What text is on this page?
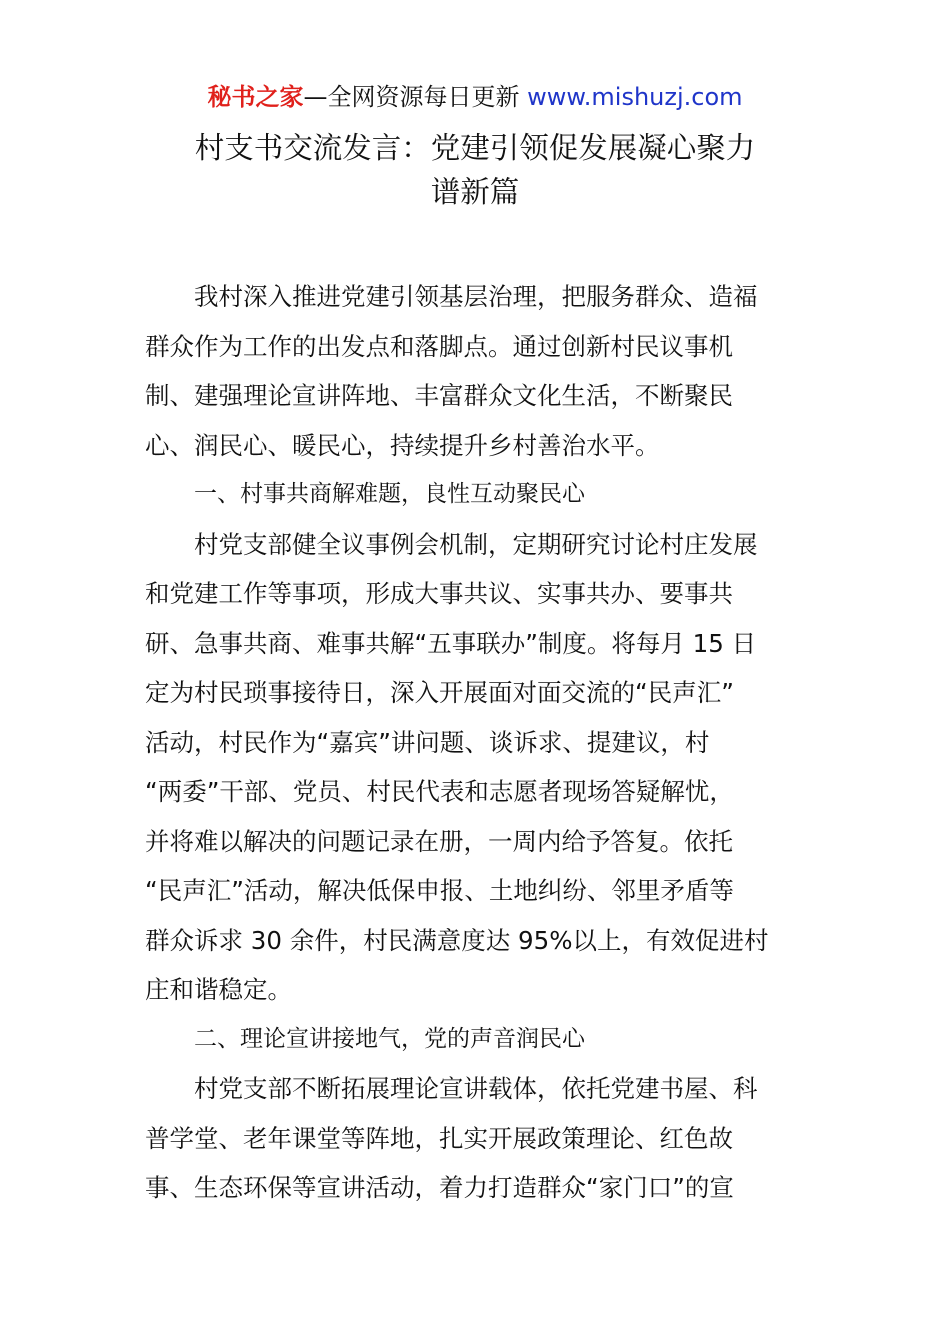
秘书之家—全网资源每日更新 www.mishuzj.com
村支书交流发言：党建引领促发展凝心聚力
谱新篇
我村深入推进党建引领基层治理，把服务群众、造福
群众作为工作的出发点和落脚点。通过创新村民议事机
制、建强理论宣讲阵地、丰富群众文化生活，不断聚民
心、润民心、暖民心，持续提升乡村善治水平。
一、村事共商解难题，良性互动聚民心
村党支部健全议事例会机制，定期研究讨论村庄发展
和党建工作等事项，形成大事共议、实事共办、要事共
研、急事共商、难事共解“五事联办”制度。将每月 15 日
定为村民琐事接待日，深入开展面对面交流的“民声汇”
活动，村民作为“嘉宾”讲问题、谈诉求、提建议，村
“两委”干部、党员、村民代表和志愿者现场答疑解忧，
并将难以解决的问题记录在册，一周内给予答复。依托
“民声汇”活动，解决低保申报、土地纠纷、邻里矛盾等
群众诉求 30 余件，村民满意度达 95%以上，有效促进村
庄和谐稳定。
二、理论宣讲接地气，党的声音润民心
村党支部不断拓展理论宣讲载体，依托党建书屋、科
普学堂、老年课堂等阵地，扎实开展政策理论、红色故
事、生态环保等宣讲活动，着力打造群众“家门口”的宣
